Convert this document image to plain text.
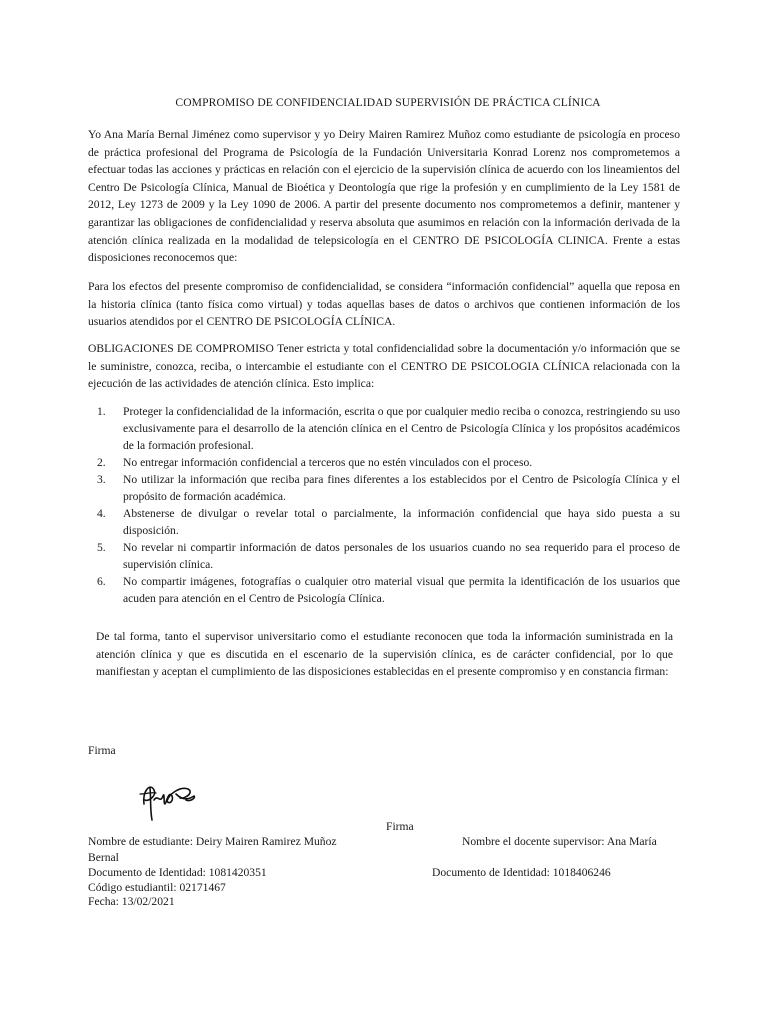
COMPROMISO DE CONFIDENCIALIDAD SUPERVISIÓN DE PRÁCTICA CLÍNICA

Yo Ana María Bernal Jiménez como supervisor y yo Deiry Mairen Ramirez Muñoz como estudiante de psicología en proceso de práctica profesional del Programa de Psicología de la Fundación Universitaria Konrad Lorenz nos comprometemos a efectuar todas las acciones y prácticas en relación con el ejercicio de la supervisión clínica de acuerdo con los lineamientos del Centro De Psicología Clínica, Manual de Bioética y Deontología que rige la profesión y en cumplimiento de la Ley 1581 de 2012, Ley 1273 de 2009 y la Ley 1090 de 2006. A partir del presente documento nos comprometemos a definir, mantener y garantizar las obligaciones de confidencialidad y reserva absoluta que asumimos en relación con la información derivada de la atención clínica realizada en la modalidad de telepsicología en el CENTRO DE PSICOLOGÍA CLINICA. Frente a estas disposiciones reconocemos que:

Para los efectos del presente compromiso de confidencialidad, se considera “información confidencial” aquella que reposa en la historia clínica (tanto física como virtual) y todas aquellas bases de datos o archivos que contienen información de los usuarios atendidos por el CENTRO DE PSICOLOGÍA CLÍNICA.

OBLIGACIONES DE COMPROMISO Tener estricta y total confidencialidad sobre la documentación y/o información que se le suministre, conozca, reciba, o intercambie el estudiante con el CENTRO DE PSICOLOGIA CLÍNICA relacionada con la ejecución de las actividades de atención clínica. Esto implica:

1. Proteger la confidencialidad de la información, escrita o que por cualquier medio reciba o conozca, restringiendo su uso exclusivamente para el desarrollo de la atención clínica en el Centro de Psicología Clínica y los propósitos académicos de la formación profesional.
2. No entregar información confidencial a terceros que no estén vinculados con el proceso.
3. No utilizar la información que reciba para fines diferentes a los establecidos por el Centro de Psicología Clínica y el propósito de formación académica.
4. Abstenerse de divulgar o revelar total o parcialmente, la información confidencial que haya sido puesta a su disposición.
5. No revelar ni compartir información de datos personales de los usuarios cuando no sea requerido para el proceso de supervisión clínica.
6. No compartir imágenes, fotografías o cualquier otro material visual que permita la identificación de los usuarios que acuden para atención en el Centro de Psicología Clínica.

De tal forma, tanto el supervisor universitario como el estudiante reconocen que toda la información suministrada en la atención clínica y que es discutida en el escenario de la supervisión clínica, es de carácter confidencial, por lo que manifiestan y aceptan el cumplimiento de las disposiciones establecidas en el presente compromiso y en constancia firman:

Firma
Firma
Nombre de estudiante: Deiry Mairen Ramirez Muñoz	Nombre el docente supervisor: Ana María
Bernal
Documento de Identidad: 1081420351	Documento de Identidad: 1018406246
Código estudiantil: 02171467
Fecha: 13/02/2021
